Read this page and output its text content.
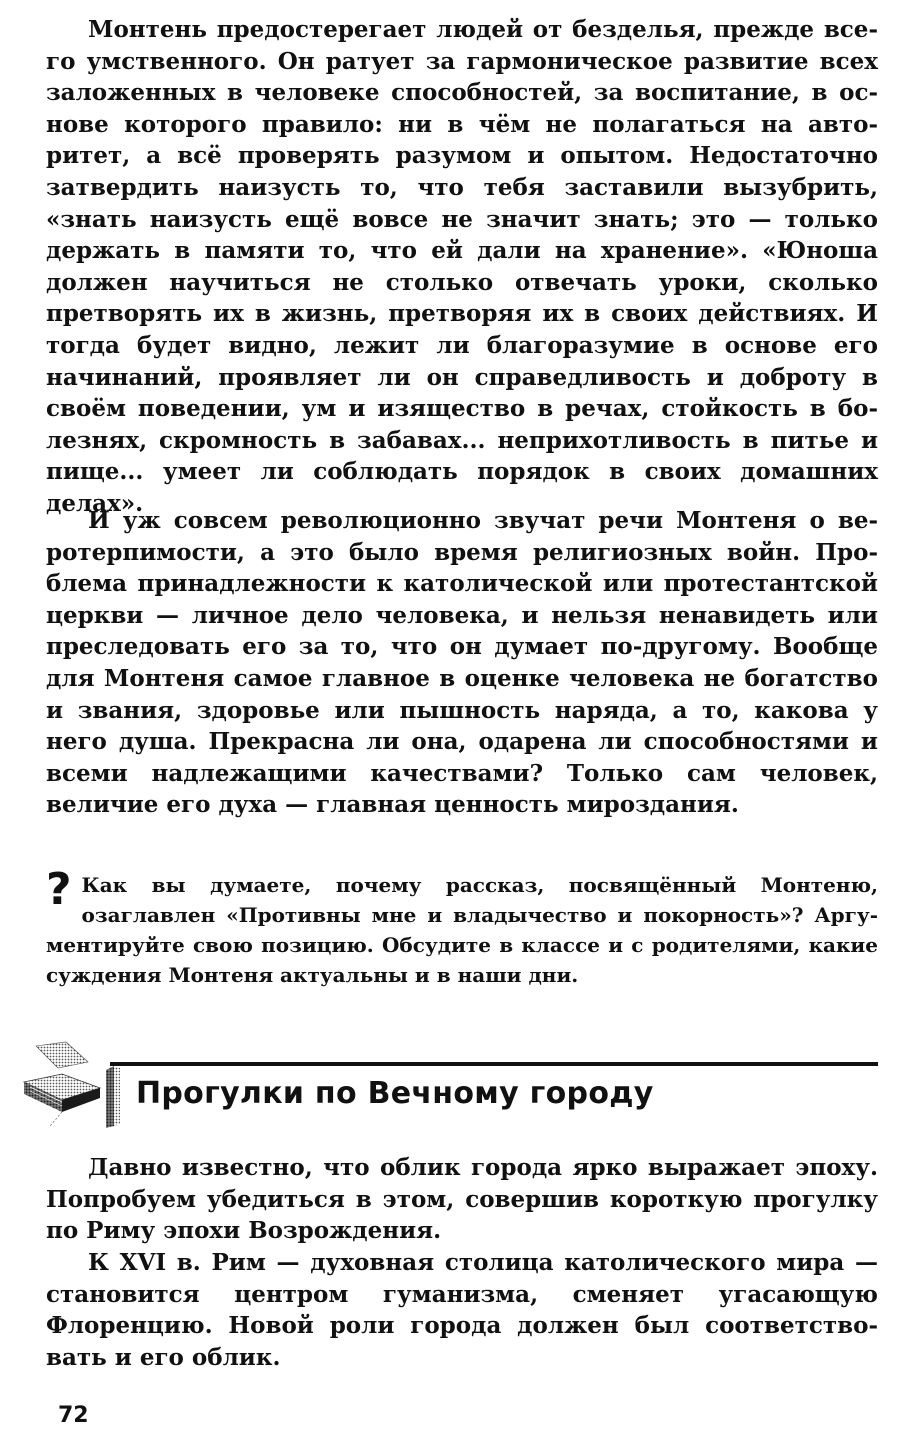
Монтень предостерегает людей от безделья, прежде всего умственного. Он ратует за гармоническое развитие всех заложенных в человеке способностей, за воспитание, в основе которого правило: ни в чём не полагаться на авторитет, а всё проверять разумом и опытом. Недостаточно затвердить наизусть то, что тебя заставили вызубрить, «знать наизусть ещё вовсе не значит знать; это — только держать в памяти то, что ей дали на хранение». «Юноша должен научиться не столько отвечать уроки, сколько претворять их в жизнь, претворяя их в своих действиях. И тогда будет видно, лежит ли благоразумие в основе его начинаний, проявляет ли он справедливость и доброту в своём поведении, ум и изящество в речах, стойкость в болезнях, скромность в забавах... неприхотливость в питье и пище... умеет ли соблюдать порядок в своих домашних делах».

И уж совсем революционно звучат речи Монтеня о веротерпимости, а это было время религиозных войн. Проблема принадлежности к католической или протестантской церкви — личное дело человека, и нельзя ненавидеть или преследовать его за то, что он думает по-другому. Вообще для Монтеня самое главное в оценке человека не богатство и звания, здоровье или пышность наряда, а то, какова у него душа. Прекрасна ли она, одарена ли способностями и всеми надлежащими качествами? Только сам человек, величие его духа — главная ценность мироздания.

? Как вы думаете, почему рассказ, посвящённый Монтеню, озаглавлен «Противны мне и владычество и покорность»? Аргументируйте свою позицию. Обсудите в классе и с родителями, какие суждения Монтеня актуальны и в наши дни.
Прогулки по Вечному городу

Давно известно, что облик города ярко выражает эпоху. Попробуем убедиться в этом, совершив короткую прогулку по Риму эпохи Возрождения.

К XVI в. Рим — духовная столица католического мира — становится центром гуманизма, сменяет угасающую Флоренцию. Новой роли города должен был соответствовать и его облик.

72
